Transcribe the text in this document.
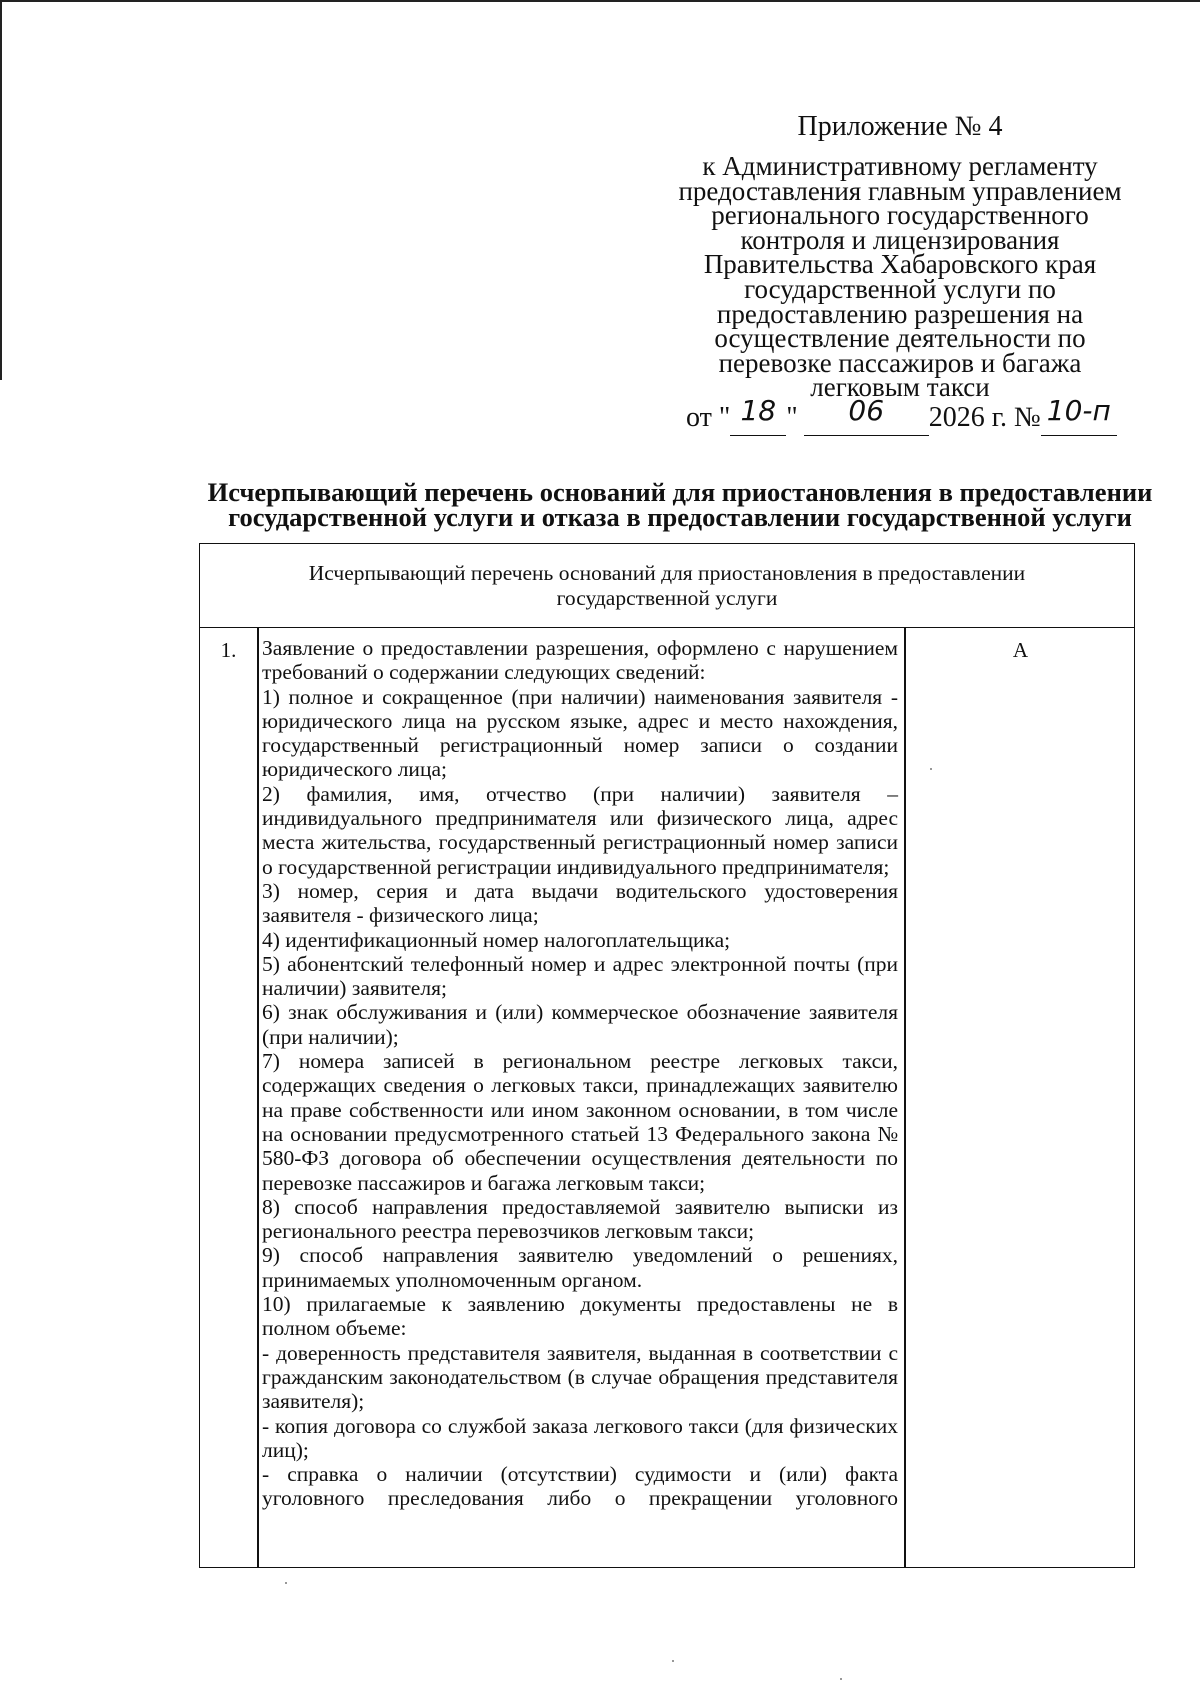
Приложение № 4
к Административному регламенту
предоставления главным управлением
регионального государственного
контроля и лицензирования
Правительства Хабаровского края
государственной услуги по
предоставлению разрешения на
осуществление деятельности по
перевозке пассажиров и багажа
легковым такси
от " 18 " 06 2026 г. № 10-п
Исчерпывающий перечень оснований для приостановления в предоставлении
государственной услуги и отказа в предоставлении государственной услуги
Исчерпывающий перечень оснований для приостановления в предоставлении
государственной услуги
1.	А

Заявление о предоставлении разрешения, оформлено с нарушением требований о содержании следующих сведений:

1) полное и сокращенное (при наличии) наименования заявителя - юридического лица на русском языке, адрес и место нахождения, государственный регистрационный номер записи о создании юридического лица;

2) фамилия, имя, отчество (при наличии) заявителя – индивидуального предпринимателя или физического лица, адрес места жительства, государственный регистрационный номер записи о государственной регистрации индивидуального предпринимателя;

3) номер, серия и дата выдачи водительского удостоверения заявителя - физического лица;

4) идентификационный номер налогоплательщика;

5) абонентский телефонный номер и адрес электронной почты (при наличии) заявителя;

6) знак обслуживания и (или) коммерческое обозначение заявителя (при наличии);

7) номера записей в региональном реестре легковых такси, содержащих сведения о легковых такси, принадлежащих заявителю на праве собственности или ином законном основании, в том числе на основании предусмотренного статьей 13 Федерального закона № 580-ФЗ договора об обеспечении осуществления деятельности по перевозке пассажиров и багажа легковым такси;

8) способ направления предоставляемой заявителю выписки из регионального реестра перевозчиков легковым такси;

9) способ направления заявителю уведомлений о решениях, принимаемых уполномоченным органом.

10) прилагаемые к заявлению документы предоставлены не в полном объеме:

- доверенность представителя заявителя, выданная в соответствии с гражданским законодательством (в случае обращения представителя заявителя);

- копия договора со службой заказа легкового такси (для физических лиц);

- справка о наличии (отсутствии) судимости и (или) факта уголовного преследования либо о прекращении уголовного
